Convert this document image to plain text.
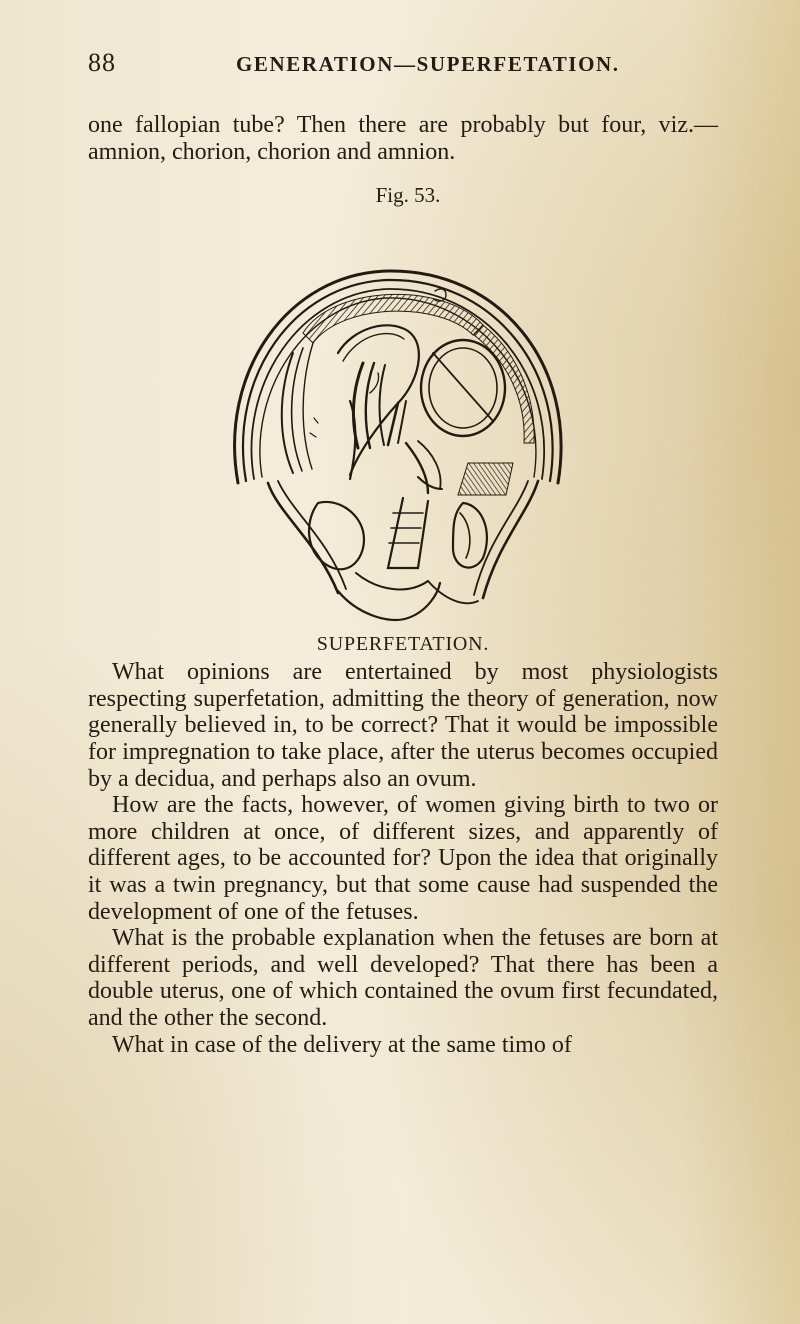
88	GENERATION—SUPERFETATION.

one fallopian tube? Then there are probably but four, viz.—amnion, chorion, chorion and amnion.

Fig. 53.
SUPERFETATION.

What opinions are entertained by most physiologists respecting superfetation, admitting the theory of generation, now generally believed in, to be correct? That it would be impossible for impregnation to take place, after the uterus becomes occupied by a decidua, and perhaps also an ovum.

How are the facts, however, of women giving birth to two or more children at once, of different sizes, and apparently of different ages, to be accounted for? Upon the idea that originally it was a twin pregnancy, but that some cause had suspended the development of one of the fetuses.

What is the probable explanation when the fetuses are born at different periods, and well developed? That there has been a double uterus, one of which contained the ovum first fecundated, and the other the second.

What in case of the delivery at the same timo of
